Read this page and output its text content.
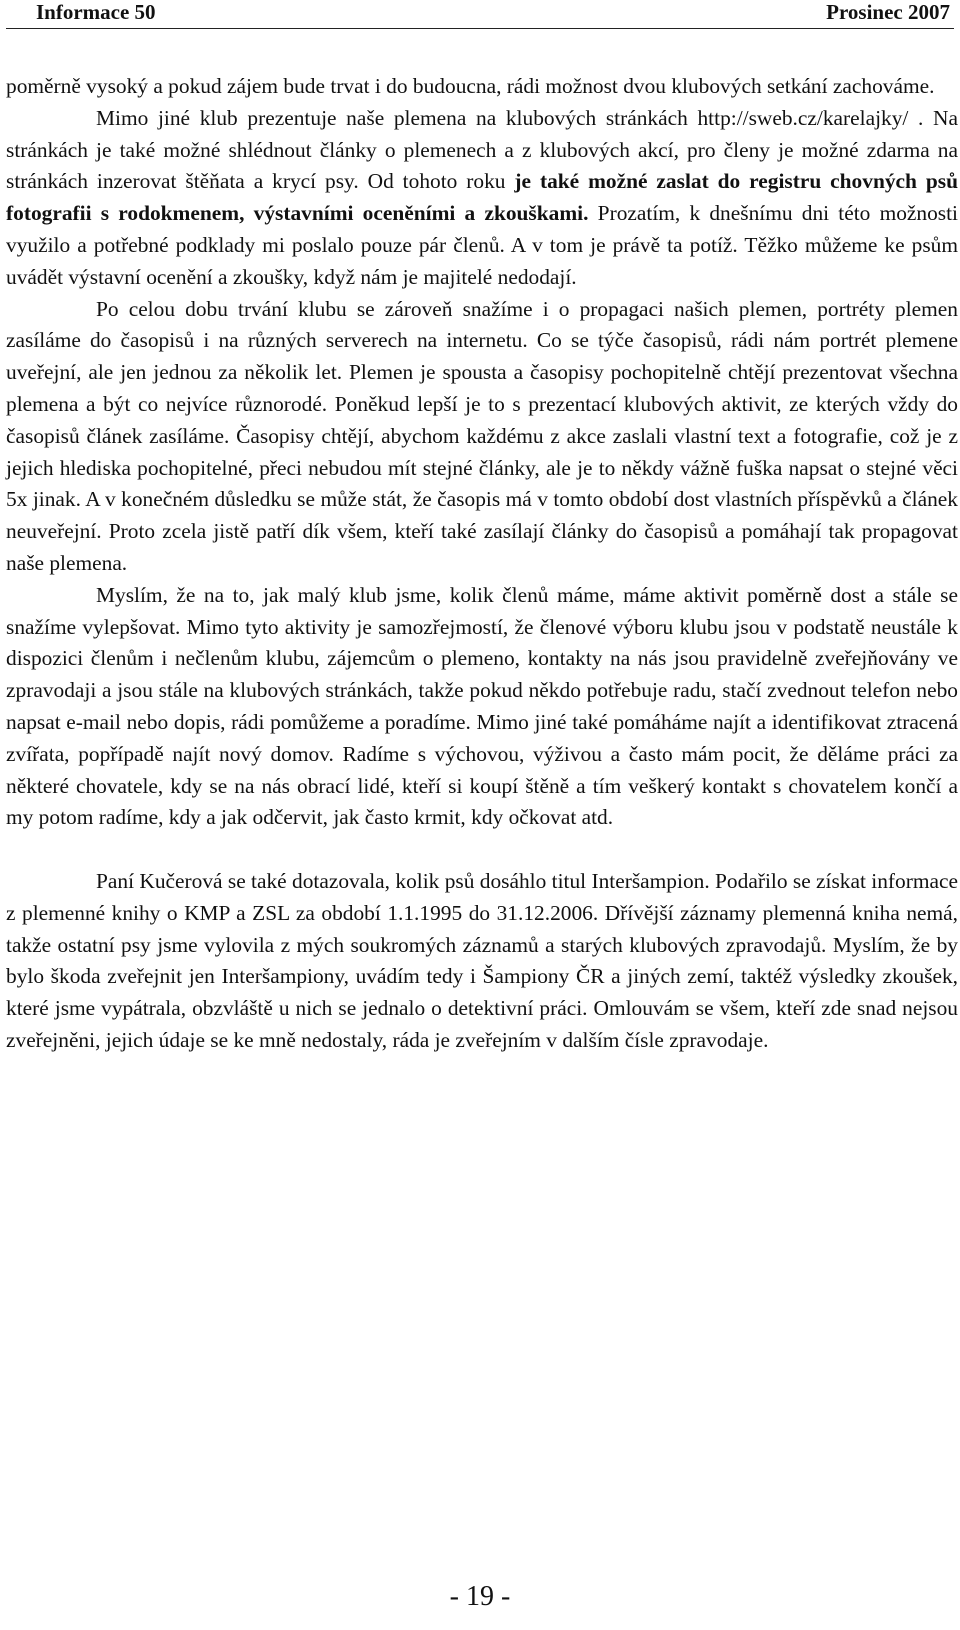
Informace 50	Prosinec 2007

poměrně vysoký a pokud zájem bude trvat i do budoucna, rádi možnost dvou klubových setkání zachováme.

Mimo jiné klub prezentuje naše plemena na klubových stránkách http://sweb.cz/karelajky/ . Na stránkách je také možné shlédnout články o plemenech a z klubových akcí, pro členy je možné zdarma na stránkách inzerovat štěňata a krycí psy. Od tohoto roku je také možné zaslat do registru chovných psů fotografii s rodokmenem, výstavními oceněními a zkouškami. Prozatím, k dnešnímu dni této možnosti využilo a potřebné podklady mi poslalo pouze pár členů. A v tom je právě ta potíž. Těžko můžeme ke psům uvádět výstavní ocenění a zkoušky, když nám je majitelé nedodají.

Po celou dobu trvání klubu se zároveň snažíme i o propagaci našich plemen, portréty plemen zasíláme do časopisů i na různých serverech na internetu. Co se týče časopisů, rádi nám portrét plemene uveřejní, ale jen jednou za několik let. Plemen je spousta a časopisy pochopitelně chtějí prezentovat všechna plemena a být co nejvíce různorodé. Poněkud lepší je to s prezentací klubových aktivit, ze kterých vždy do časopisů článek zasíláme. Časopisy chtějí, abychom každému z akce zaslali vlastní text a fotografie, což je z jejich hlediska pochopitelné, přeci nebudou mít stejné články, ale je to někdy vážně fuška napsat o stejné věci 5x jinak. A v konečném důsledku se může stát, že časopis má v tomto období dost vlastních příspěvků a článek neuveřejní. Proto zcela jistě patří dík všem, kteří také zasílají články do časopisů a pomáhají tak propagovat naše plemena.

Myslím, že na to, jak malý klub jsme, kolik členů máme, máme aktivit poměrně dost a stále se snažíme vylepšovat. Mimo tyto aktivity je samozřejmostí, že členové výboru klubu jsou v podstatě neustále k dispozici členům i nečlenům klubu, zájemcům o plemeno, kontakty na nás jsou pravidelně zveřejňovány ve zpravodaji a jsou stále na klubových stránkách, takže pokud někdo potřebuje radu, stačí zvednout telefon nebo napsat e-mail nebo dopis, rádi pomůžeme a poradíme. Mimo jiné také pomáháme najít a identifikovat ztracená zvířata, popřípadě najít nový domov. Radíme s výchovou, výživou a často mám pocit, že děláme práci za některé chovatele, kdy se na nás obrací lidé, kteří si koupí štěně a tím veškerý kontakt s chovatelem končí a my potom radíme, kdy a jak odčervit, jak často krmit, kdy očkovat atd.

Paní Kučerová se také dotazovala, kolik psů dosáhlo titul Interšampion. Podařilo se získat informace z plemenné knihy o KMP a ZSL za období 1.1.1995 do 31.12.2006. Dřívější záznamy plemenná kniha nemá, takže ostatní psy jsme vylovila z mých soukromých záznamů a starých klubových zpravodajů. Myslím, že by bylo škoda zveřejnit jen Interšampiony, uvádím tedy i Šampiony ČR a jiných zemí, taktéž výsledky zkoušek, které jsme vypátrala, obzvláště u nich se jednalo o detektivní práci. Omlouvám se všem, kteří zde snad nejsou zveřejněni, jejich údaje se ke mně nedostaly, ráda je zveřejním v dalším čísle zpravodaje.

- 19 -
